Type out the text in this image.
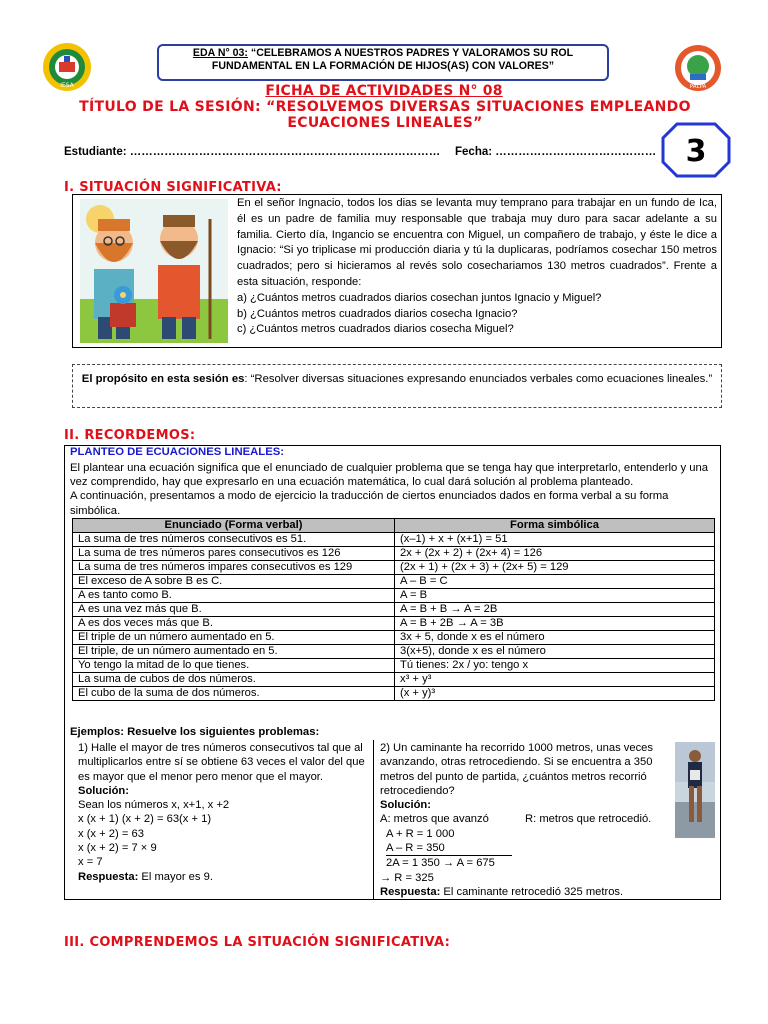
IESA	PALPA
EDA N° 03: “CELEBRAMOS A NUESTROS PADRES Y VALORAMOS SU ROL FUNDAMENTAL EN LA FORMACIÓN DE HIJOS(AS) CON VALORES”
FICHA DE ACTIVIDADES N° 08
TÍTULO DE LA SESIÓN: “RESOLVEMOS DIVERSAS SITUACIONES EMPLEANDO ECUACIONES LINEALES”
Estudiante: ……………………………………………………………………… Fecha: …………………………………… 3
I. SITUACIÓN SIGNIFICATIVA:
En el señor Ingnacio, todos los dias se levanta muy temprano para trabajar en un fundo de Ica, él es un padre de familia muy responsable que trabaja muy duro para sacar adelante a su familia. Cierto día, Ingancio se encuentra con Miguel, un compañero de trabajo, y éste le dice a Ignacio: “Si yo triplicase mi producción diaria y tú la duplicaras, podríamos cosechar 150 metros cuadrados; pero si hicieramos al revés solo cosechariamos 130 metros cuadrados”. Frente a esta situación, responde:
a) ¿Cuántos metros cuadrados diarios cosechan juntos Ignacio y Miguel?
b) ¿Cuántos metros cuadrados diarios cosecha Ignacio?
c) ¿Cuántos metros cuadrados diarios cosecha Miguel?
El propósito en esta sesión es: “Resolver diversas situaciones expresando enunciados verbales como ecuaciones lineales.”
II. RECORDEMOS:
PLANTEO DE ECUACIONES LINEALES:
El plantear una ecuación significa que el enunciado de cualquier problema que se tenga hay que interpretarlo, entenderlo y una vez comprendido, hay que expresarlo en una ecuación matemática, lo cual dará solución al problema planteado.
A continuación, presentamos a modo de ejercicio la traducción de ciertos enunciados dados en forma verbal a su forma simbólica.
Enunciado (Forma verbal)	Forma simbólica
La suma de tres números consecutivos es 51.	(x–1) + x + (x+1) = 51
La suma de tres números pares consecutivos es 126	2x + (2x + 2) + (2x+ 4) = 126
La suma de tres números impares consecutivos es 129	(2x + 1) + (2x + 3) + (2x+ 5) = 129
El exceso de A sobre B es C.	A – B = C
A es tanto como B.	A = B
A es una vez más que B.	A = B + B → A = 2B
A es dos veces más que B.	A = B + 2B → A = 3B
El triple de un número aumentado en 5.	3x + 5, donde x es el número
El triple, de un número aumentado en 5.	3(x+5), donde x es el número
Yo tengo la mitad de lo que tienes.	Tú tienes: 2x / yo: tengo x
La suma de cubos de dos números.	x³ + y³
El cubo de la suma de dos números.	(x + y)³
Ejemplos: Resuelve los siguientes problemas:
1) Halle el mayor de tres números consecutivos tal que al multiplicarlos entre sí se obtiene 63 veces el valor del que es mayor que el menor pero menor que el mayor.
Solución:
Sean los números x, x+1, x +2
x (x + 1) (x + 2) = 63(x + 1)
x (x + 2) = 63
x (x + 2) = 7 × 9
x = 7
Respuesta: El mayor es 9.
2) Un caminante ha recorrido 1000 metros, unas veces avanzando, otras retrocediendo. Si se encuentra a 350 metros del punto de partida, ¿cuántos metros recorrió retrocediendo?
Solución:
A: metros que avanzó	R: metros que retrocedió.
A + R = 1 000
A – R = 350
2A = 1 350 → A = 675
→ R = 325
Respuesta: El caminante retrocedió 325 metros.
III. COMPRENDEMOS LA SITUACIÓN SIGNIFICATIVA:
